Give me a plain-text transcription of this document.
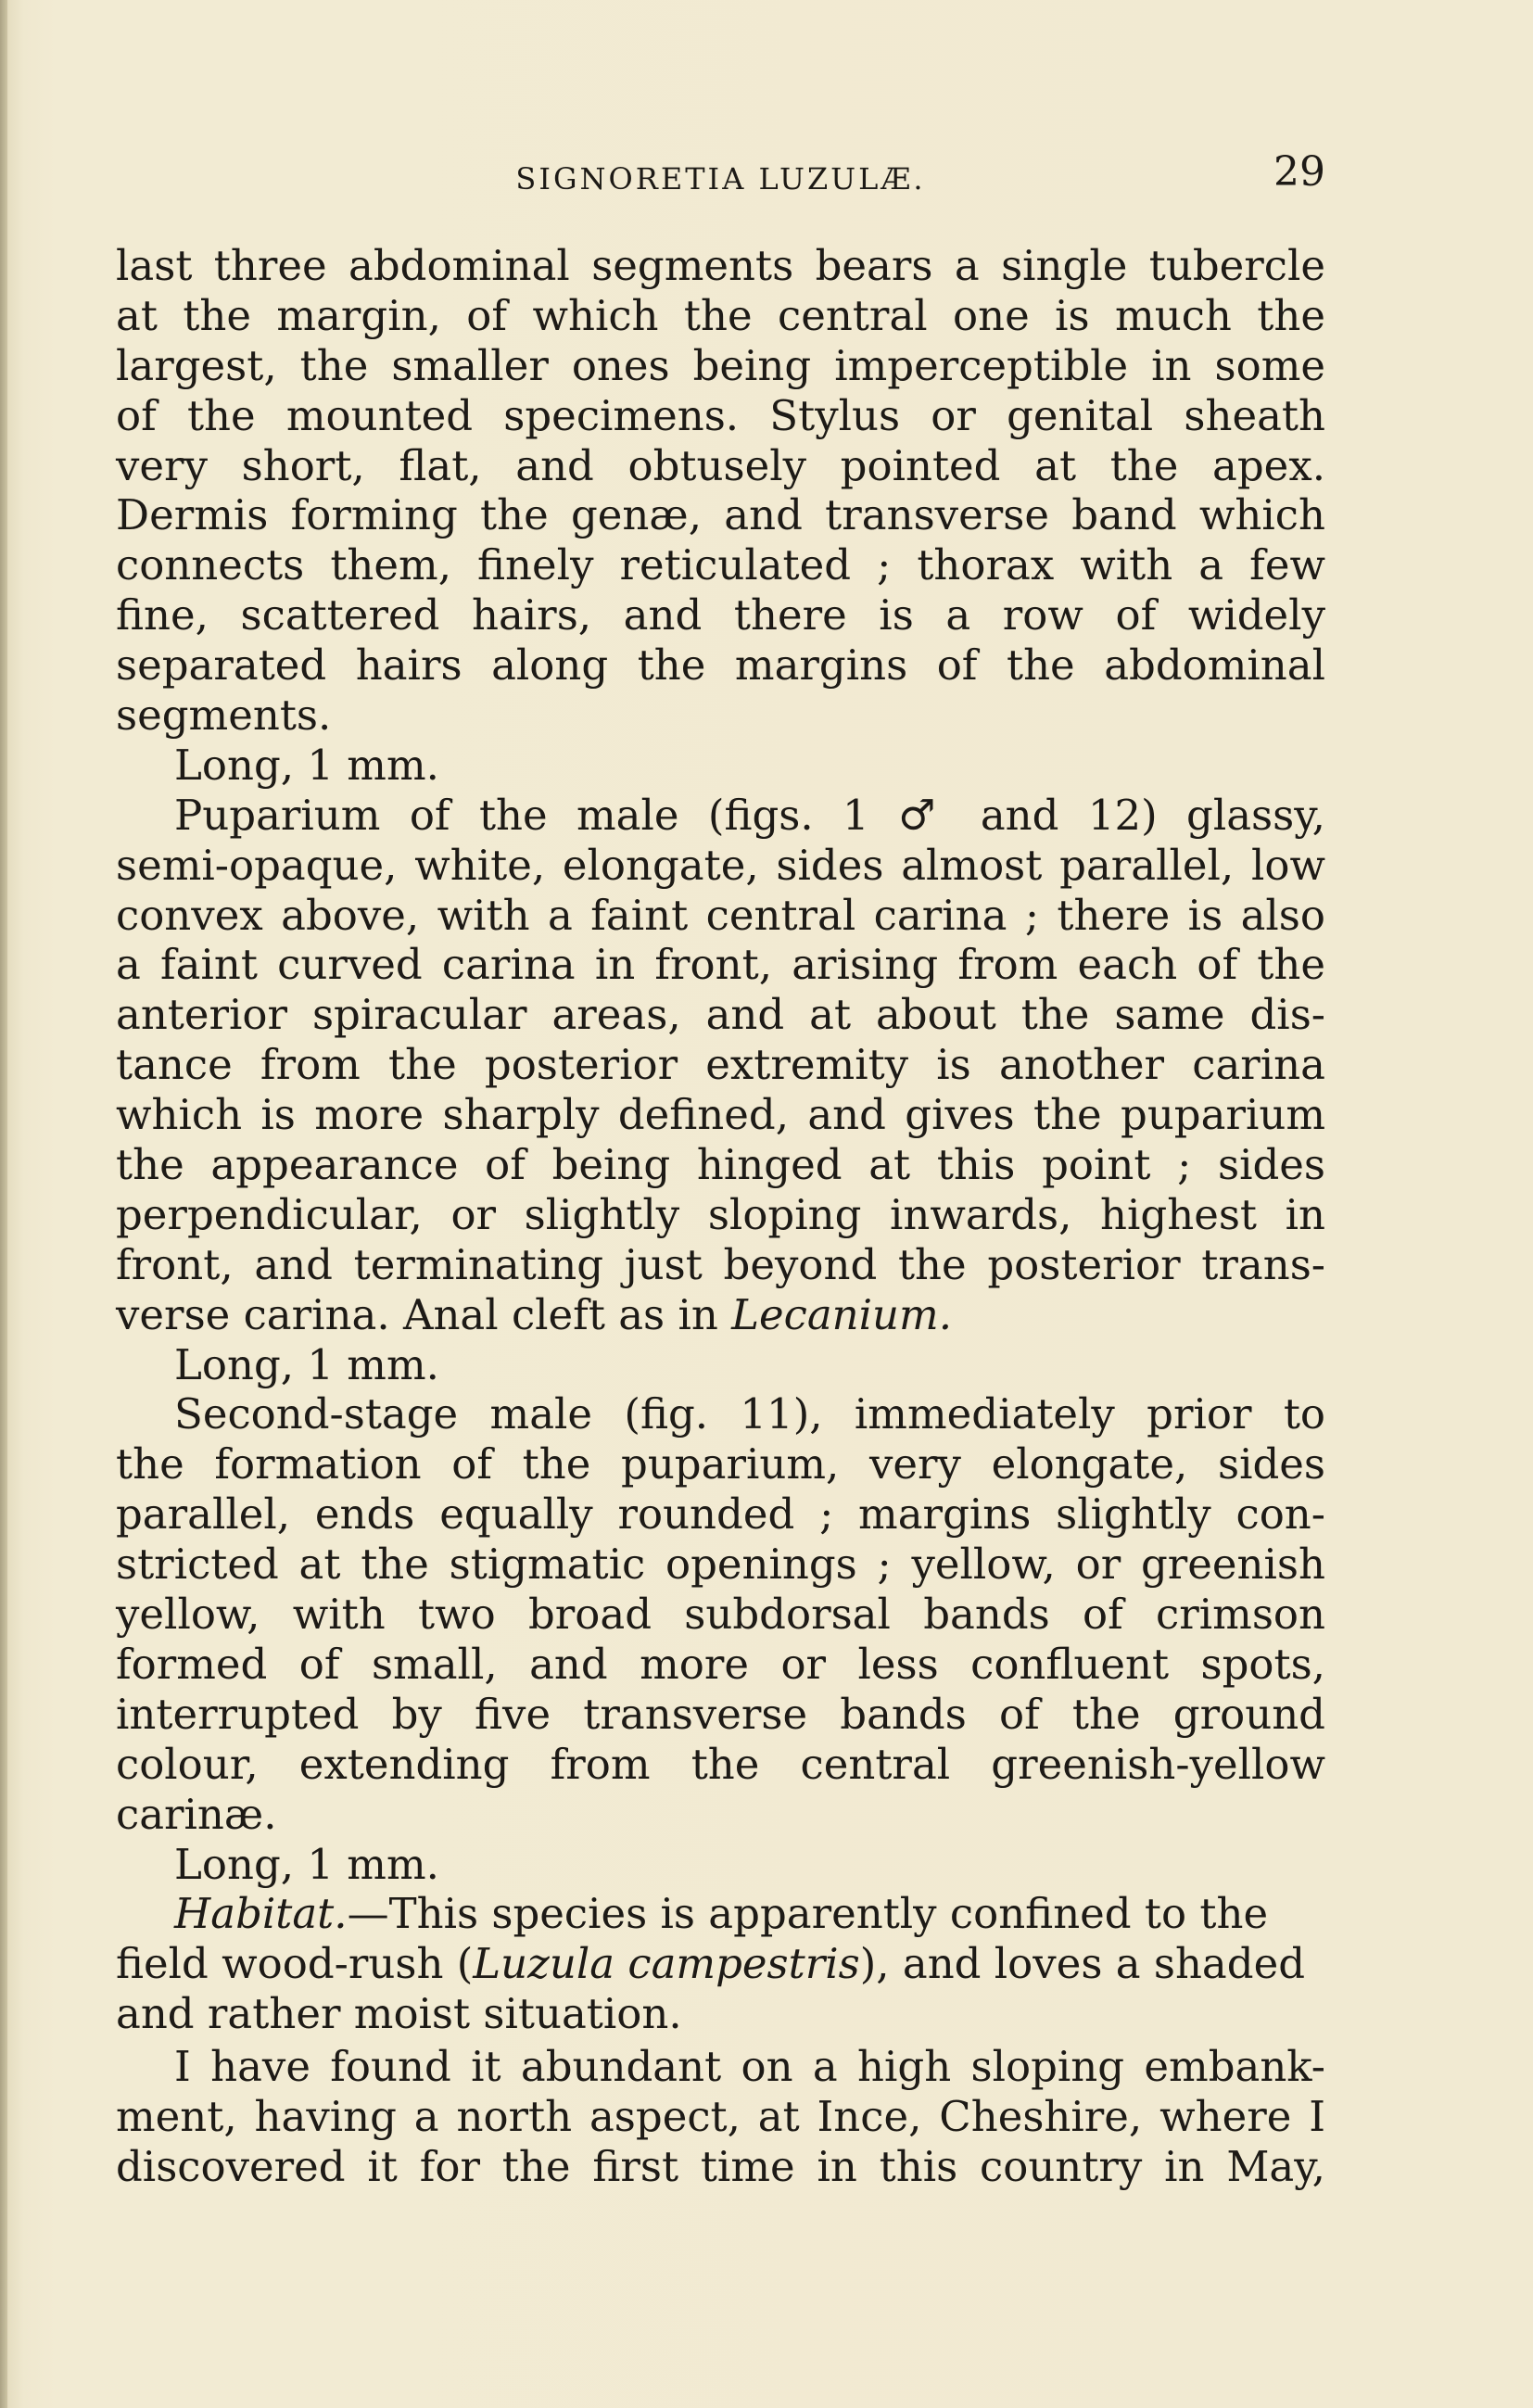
SIGNORETIA LUZULÆ.	29
last three abdominal segments bears a single tubercle
at the margin, of which the central one is much the
largest, the smaller ones being imperceptible in some
of the mounted specimens. Stylus or genital sheath
very short, flat, and obtusely pointed at the apex.
Dermis forming the genæ, and transverse band which
connects them, finely reticulated ; thorax with a few
fine, scattered hairs, and there is a row of widely
separated hairs along the margins of the abdominal
segments.
Long, 1 mm.
Puparium of the male (figs. 1 ♂ and 12) glassy,
semi-opaque, white, elongate, sides almost parallel, low
convex above, with a faint central carina ; there is also
a faint curved carina in front, arising from each of the
anterior spiracular areas, and at about the same dis-
tance from the posterior extremity is another carina
which is more sharply defined, and gives the puparium
the appearance of being hinged at this point ; sides
perpendicular, or slightly sloping inwards, highest in
front, and terminating just beyond the posterior trans-
verse carina. Anal cleft as in Lecanium.
Long, 1 mm.
Second-stage male (fig. 11), immediately prior to
the formation of the puparium, very elongate, sides
parallel, ends equally rounded ; margins slightly con-
stricted at the stigmatic openings ; yellow, or greenish
yellow, with two broad subdorsal bands of crimson
formed of small, and more or less confluent spots,
interrupted by five transverse bands of the ground
colour, extending from the central greenish-yellow
carinæ.
Long, 1 mm.
Habitat.—This species is apparently confined to the
field wood-rush (Luzula campestris), and loves a shaded
and rather moist situation.
I have found it abundant on a high sloping embank-
ment, having a north aspect, at Ince, Cheshire, where I
discovered it for the first time in this country in May,
